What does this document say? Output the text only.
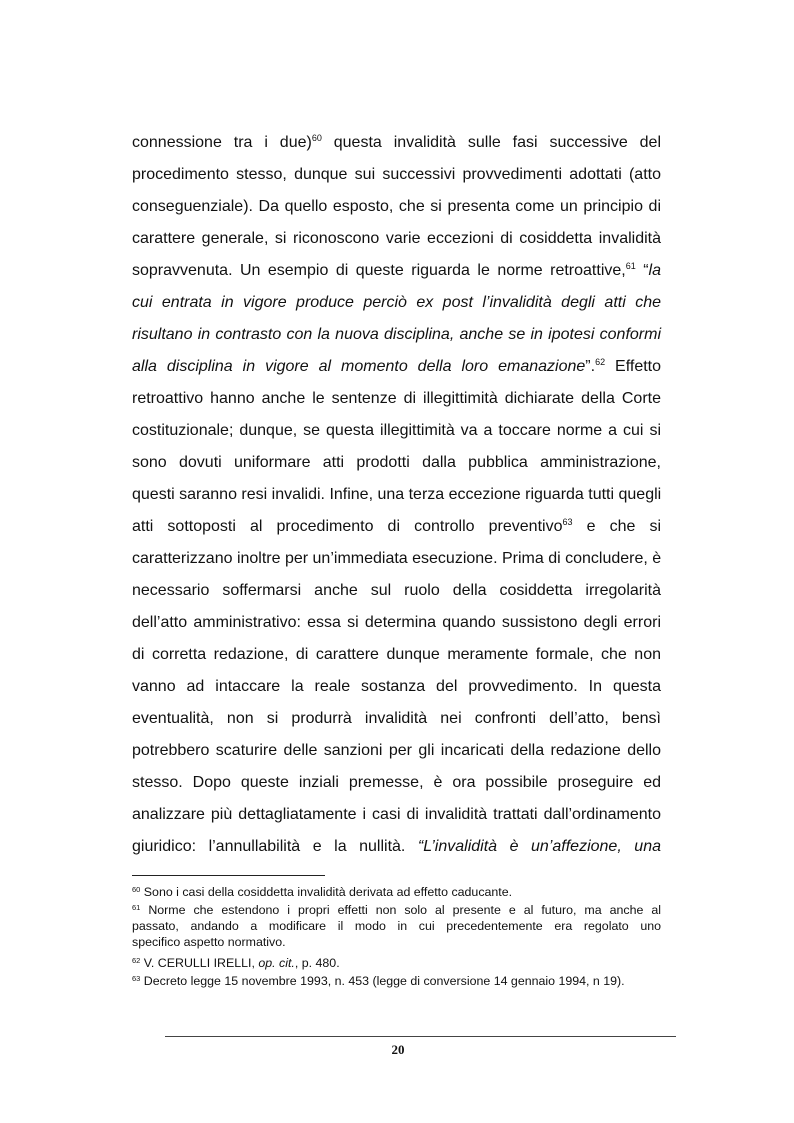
connessione tra i due)$^{60}$ questa invalidità sulle fasi successive del
procedimento stesso, dunque sui successivi provvedimenti adottati (atto
conseguenziale). Da quello esposto, che si presenta come un principio di
carattere generale, si riconoscono varie eccezioni di cosiddetta invalidità
sopravvenuta. Un esempio di queste riguarda le norme retroattive,$^{61}$ “la
cui entrata in vigore produce perciò ex post l’invalidità degli atti che
risultano in contrasto con la nuova disciplina, anche se in ipotesi conformi
alla disciplina in vigore al momento della loro emanazione”.$^{62}$ Effetto
retroattivo hanno anche le sentenze di illegittimità dichiarate della Corte
costituzionale; dunque, se questa illegittimità va a toccare norme a cui si
sono dovuti uniformare atti prodotti dalla pubblica amministrazione,
questi saranno resi invalidi. Infine, una terza eccezione riguarda tutti quegli
atti sottoposti al procedimento di controllo preventivo$^{63}$ e che si
caratterizzano inoltre per un’immediata esecuzione. Prima di concludere, è
necessario soffermarsi anche sul ruolo della cosiddetta irregolarità
dell’atto amministrativo: essa si determina quando sussistono degli errori
di corretta redazione, di carattere dunque meramente formale, che non
vanno ad intaccare la reale sostanza del provvedimento. In questa
eventualità, non si produrrà invalidità nei confronti dell’atto, bensì
potrebbero scaturire delle sanzioni per gli incaricati della redazione dello
stesso. Dopo queste inziali premesse, è ora possibile proseguire ed
analizzare più dettagliatamente i casi di invalidità trattati dall’ordinamento
giuridico: l’annullabilità e la nullità. “L’invalidità è un’affezione, una
$^{60}$ Sono i casi della cosiddetta invalidità derivata ad effetto caducante.
$^{61}$ Norme che estendono i propri effetti non solo al presente e al futuro, ma anche al
passato, andando a modificare il modo in cui precedentemente era regolato uno
specifico aspetto normativo.
$^{62}$ V. CERULLI IRELLI, op. cit., p. 480.
$^{63}$ Decreto legge 15 novembre 1993, n. 453 (legge di conversione 14 gennaio 1994, n 19).
20
